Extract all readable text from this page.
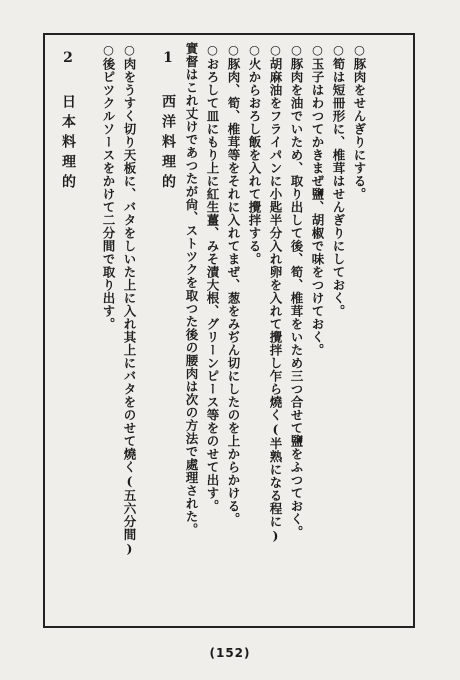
1 西洋料理的	○豚肉をせんぎりにする。
○筍は短冊形に、椎茸はせんぎりにしておく。
○玉子はわつてかきまぜ鹽、胡椒で味をつけておく。
○豚肉を油でいため、取り出して後、筍、椎茸をいため三つ合せて鹽をふつておく。
○胡麻油をフライパンに小匙半分入れ卵を入れて攪拌し乍ら燒く(半熟になる程に)
○火からおろし飯を入れて攪拌する。
○豚肉、筍、椎茸等をそれに入れてまぜ、葱をみぢん切にしたのを上からかける。
○おろして皿にもり上に紅生薑、みそ漬大根、グリーンピース等をのせて出す。
實督はこれ丈けであつたが尙、ストツクを取つた後の腰肉は次の方法で處理された。
2 日本料理的	○肉をうすく切り天板に、バタをしいた上に入れ其上にバタをのせて燒く(五六分間)
○後ピツクルソースをかけて二分間で取り出す。
(152)
